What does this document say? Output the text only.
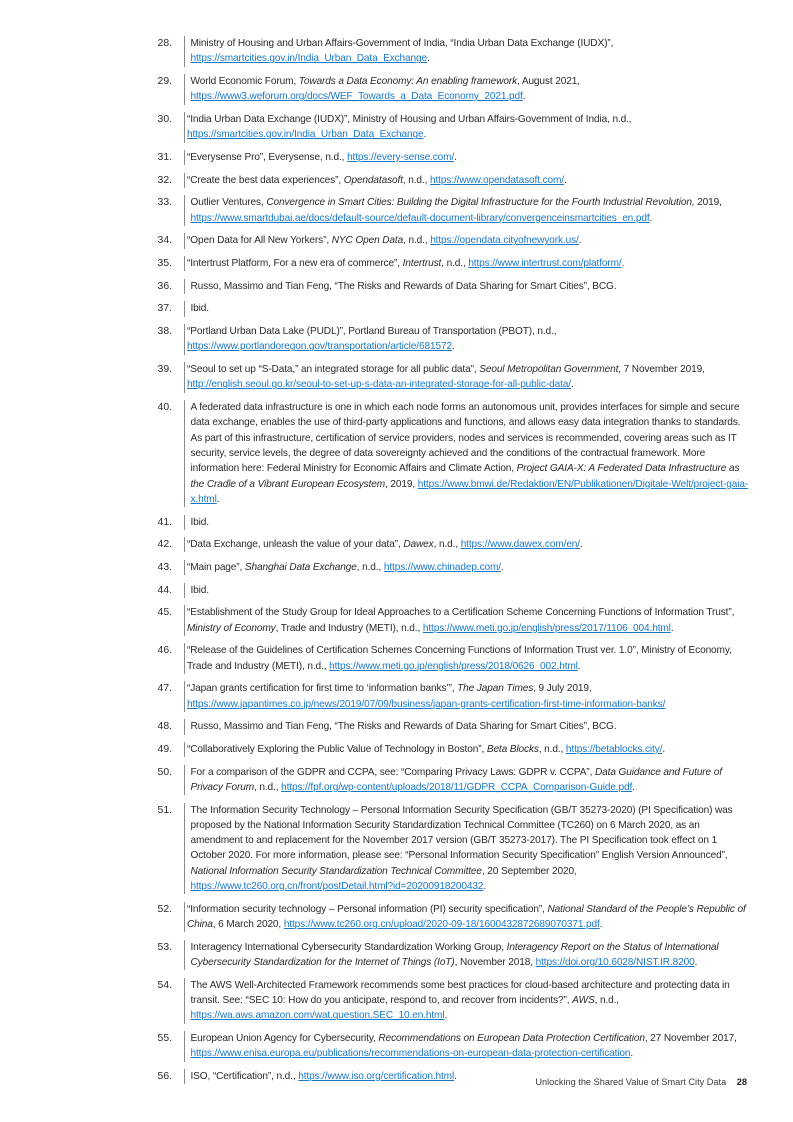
28.	Ministry of Housing and Urban Affairs-Government of India, “India Urban Data Exchange (IUDX)”, https://smartcities.gov.in/India_Urban_Data_Exchange.
29.	World Economic Forum, Towards a Data Economy: An enabling framework, August 2021, https://www3.weforum.org/docs/WEF_Towards_a_Data_Economy_2021.pdf.
30. “India Urban Data Exchange (IUDX)”, Ministry of Housing and Urban Affairs-Government of India, n.d., https://smartcities.gov.in/India_Urban_Data_Exchange.
31. “Everysense Pro”, Everysense, n.d., https://every-sense.com/.
32. “Create the best data experiences”, Opendatasoft, n.d., https://www.opendatasoft.com/.
33.	Outlier Ventures, Convergence in Smart Cities: Building the Digital Infrastructure for the Fourth Industrial Revolution, 2019, https://www.smartdubai.ae/docs/default-source/default-document-library/convergenceinsmartcities_en.pdf.
34. “Open Data for All New Yorkers”, NYC Open Data, n.d., https://opendata.cityofnewyork.us/.
35. “Intertrust Platform, For a new era of commerce”, Intertrust, n.d., https://www.intertrust.com/platform/.
36.	Russo, Massimo and Tian Feng, “The Risks and Rewards of Data Sharing for Smart Cities”, BCG.
37.	Ibid.
38. “Portland Urban Data Lake (PUDL)”, Portland Bureau of Transportation (PBOT), n.d., https://www.portlandoregon.gov/transportation/article/681572.
39. “Seoul to set up “S-Data,” an integrated storage for all public data”, Seoul Metropolitan Government, 7 November 2019, http://english.seoul.go.kr/seoul-to-set-up-s-data-an-integrated-storage-for-all-public-data/.
40.	A federated data infrastructure is one in which each node forms an autonomous unit, provides interfaces for simple and secure data exchange, enables the use of third-party applications and functions, and allows easy data integration thanks to standards. As part of this infrastructure, certification of service providers, nodes and services is recommended, covering areas such as IT security, service levels, the degree of data sovereignty achieved and the conditions of the contractual framework. More information here: Federal Ministry for Economic Affairs and Climate Action, Project GAIA-X: A Federated Data Infrastructure as the Cradle of a Vibrant European Ecosystem, 2019, https://www.bmwi.de/Redaktion/EN/Publikationen/Digitale-Welt/project-gaia-x.html.
41.	Ibid.
42. “Data Exchange, unleash the value of your data”, Dawex, n.d., https://www.dawex.com/en/.
43. “Main page”, Shanghai Data Exchange, n.d., https://www.chinadep.com/.
44.	Ibid.
45. “Establishment of the Study Group for Ideal Approaches to a Certification Scheme Concerning Functions of Information Trust”, Ministry of Economy, Trade and Industry (METI), n.d., https://www.meti.go.jp/english/press/2017/1106_004.html.
46. “Release of the Guidelines of Certification Schemes Concerning Functions of Information Trust ver. 1.0”, Ministry of Economy, Trade and Industry (METI), n.d., https://www.meti.go.jp/english/press/2018/0626_002.html.
47. “Japan grants certification for first time to ‘information banks’”, The Japan Times, 9 July 2019, https://www.japantimes.co.jp/news/2019/07/09/business/japan-grants-certification-first-time-information-banks/
48.	Russo, Massimo and Tian Feng, “The Risks and Rewards of Data Sharing for Smart Cities”, BCG.
49. “Collaboratively Exploring the Public Value of Technology in Boston”, Beta Blocks, n.d., https://betablocks.city/.
50.	For a comparison of the GDPR and CCPA, see: “Comparing Privacy Laws: GDPR v. CCPA”, Data Guidance and Future of Privacy Forum, n.d., https://fpf.org/wp-content/uploads/2018/11/GDPR_CCPA_Comparison-Guide.pdf.
51.	The Information Security Technology – Personal Information Security Specification (GB/T 35273-2020) (PI Specification) was proposed by the National Information Security Standardization Technical Committee (TC260) on 6 March 2020, as an amendment to and replacement for the November 2017 version (GB/T 35273-2017). The PI Specification took effect on 1 October 2020. For more information, please see: “Personal Information Security Specification” English Version Announced”, National Information Security Standardization Technical Committee, 20 September 2020, https://www.tc260.org.cn/front/postDetail.html?id=20200918200432.
52. “Information security technology – Personal information (PI) security specification”, National Standard of the People’s Republic of China, 6 March 2020, https://www.tc260.org.cn/upload/2020-09-18/1600432872689070371.pdf.
53.	Interagency International Cybersecurity Standardization Working Group, Interagency Report on the Status of International Cybersecurity Standardization for the Internet of Things (IoT), November 2018, https://doi.org/10.6028/NIST.IR.8200.
54.	The AWS Well-Architected Framework recommends some best practices for cloud-based architecture and protecting data in transit. See: “SEC 10: How do you anticipate, respond to, and recover from incidents?”, AWS, n.d., https://wa.aws.amazon.com/wat.question.SEC_10.en.html.
55.	European Union Agency for Cybersecurity, Recommendations on European Data Protection Certification, 27 November 2017, https://www.enisa.europa.eu/publications/recommendations-on-european-data-protection-certification.
56.	ISO, “Certification”, n.d., https://www.iso.org/certification.html.
Unlocking the Shared Value of Smart City Data 28
